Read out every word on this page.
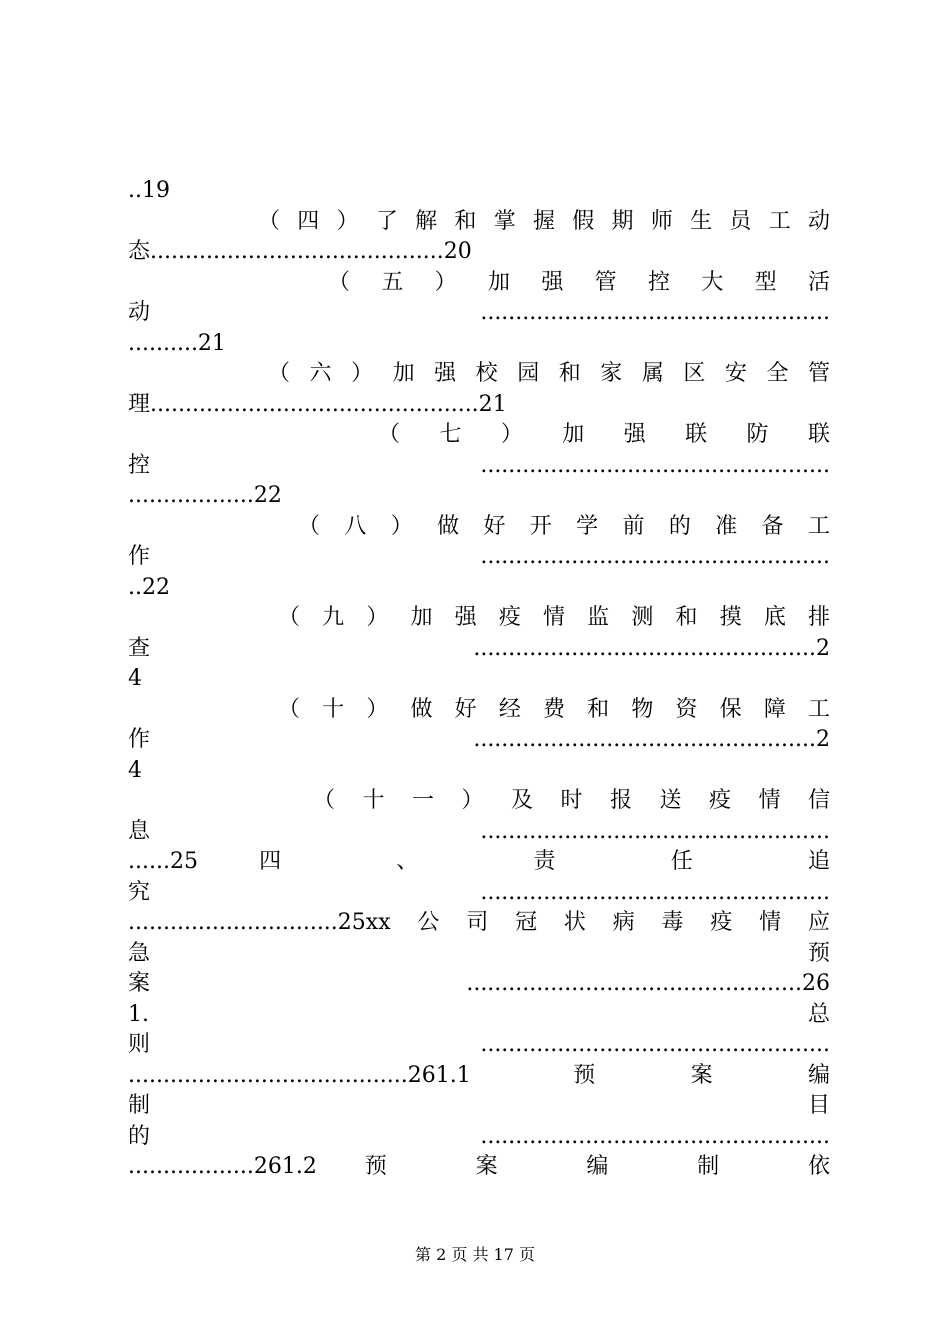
..19
（四）了解和掌握假期师生员工动
态..........................................20
（五）加强管控大型活
动..................................................
..........21
（六）加强校园和家属区安全管
理...............................................21
（七）加强联防联
控..................................................
..................22
（八）做好开学前的准备工
作..................................................
..22
（九）加强疫情监测和摸底排
查.................................................2
4
（十）做好经费和物资保障工
作.................................................2
4
（十一）及时报送疫情信
息..................................................
......25 四 、 责 任 追
究..................................................
..............................25xx公司冠状病毒疫情应
急 预
案................................................26
1. 总
则..................................................
........................................261.1 预案编
制 目
的..................................................
..................261.2 预 案 编 制 依
第 2 页 共 17 页
